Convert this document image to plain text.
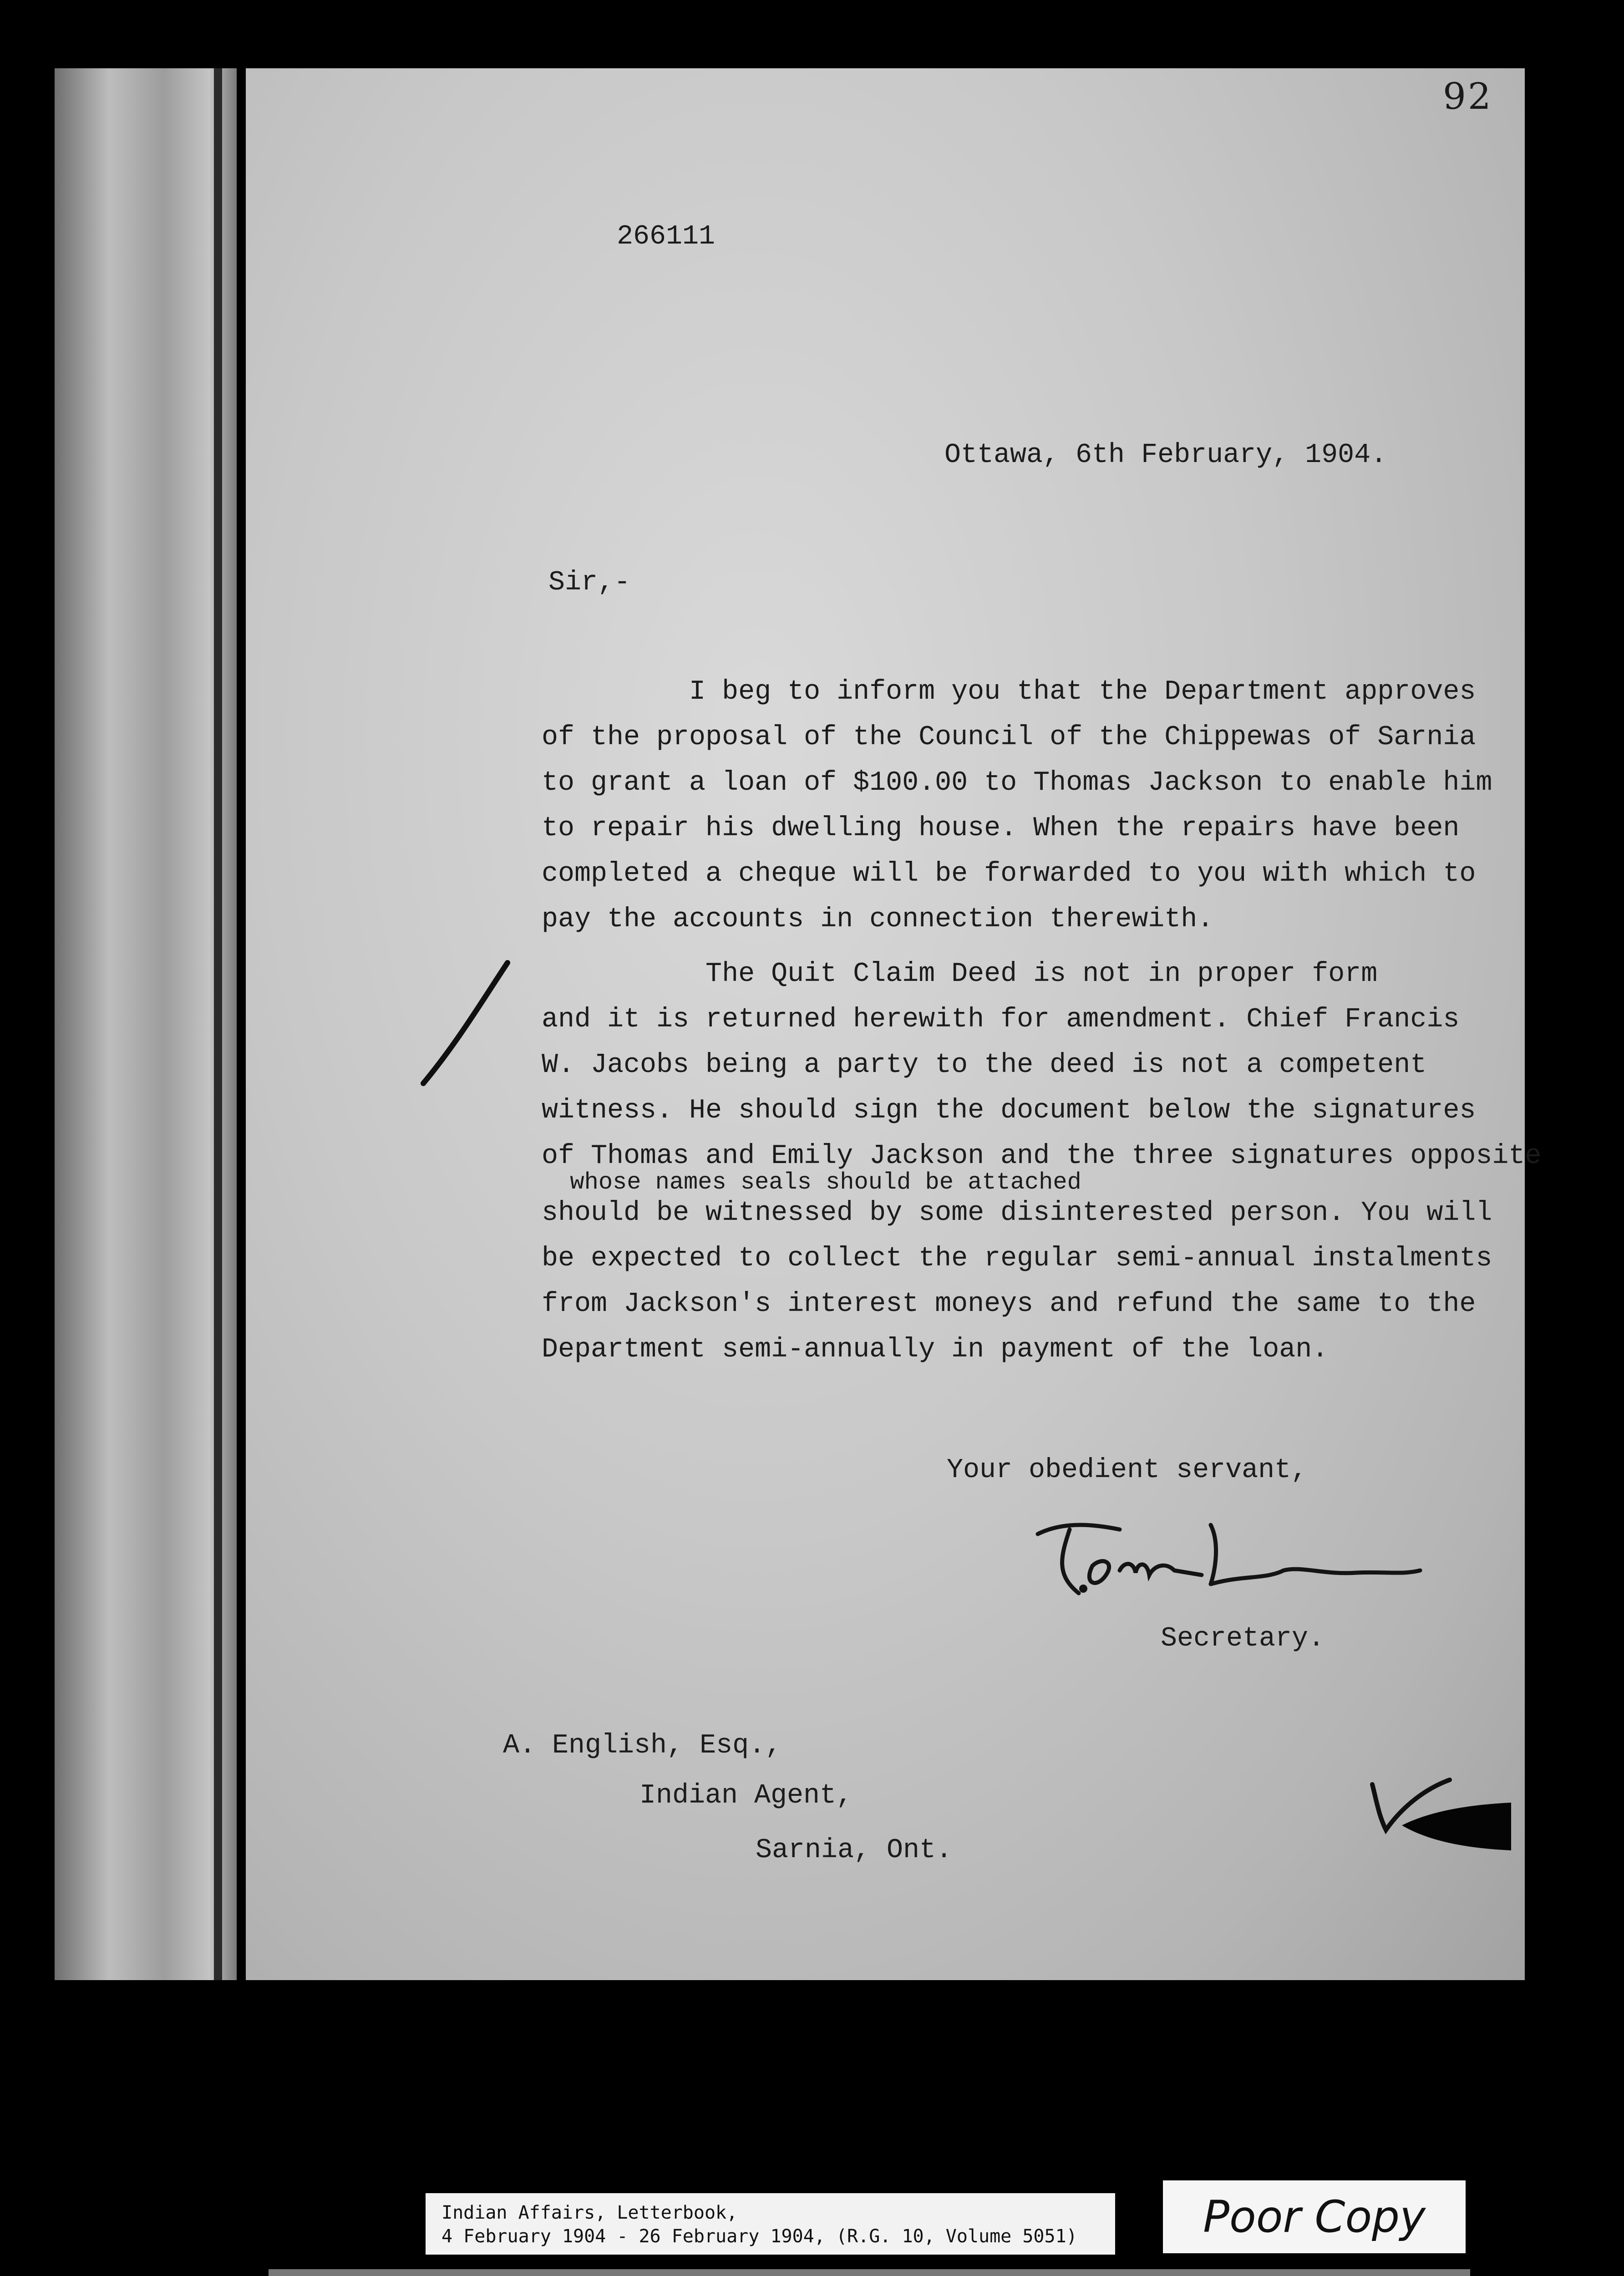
92
266111
Ottawa, 6th February, 1904.
Sir,-
I beg to inform you that the Department approves
of the proposal of the Council of the Chippewas of Sarnia
to grant a loan of $100.00 to Thomas Jackson to enable him
to repair his dwelling house. When the repairs have been
completed a cheque will be forwarded to you with which to
pay the accounts in connection therewith.
The Quit Claim Deed is not in proper form
and it is returned herewith for amendment. Chief Francis
W. Jacobs being a party to the deed is not a competent
witness. He should sign the document below the signatures
of Thomas and Emily Jackson and the three signatures opposite
whose names seals should be attached
should be witnessed by some disinterested person. You will
be expected to collect the regular semi-annual instalments
from Jackson's interest moneys and refund the same to the
Department semi-annually in payment of the loan.
Your obedient servant,
Secretary.
A. English, Esq.,
Indian Agent,
Sarnia, Ont.
Indian Affairs, Letterbook,
4 February 1904 - 26 February 1904, (R.G. 10, Volume 5051)	Poor Copy
